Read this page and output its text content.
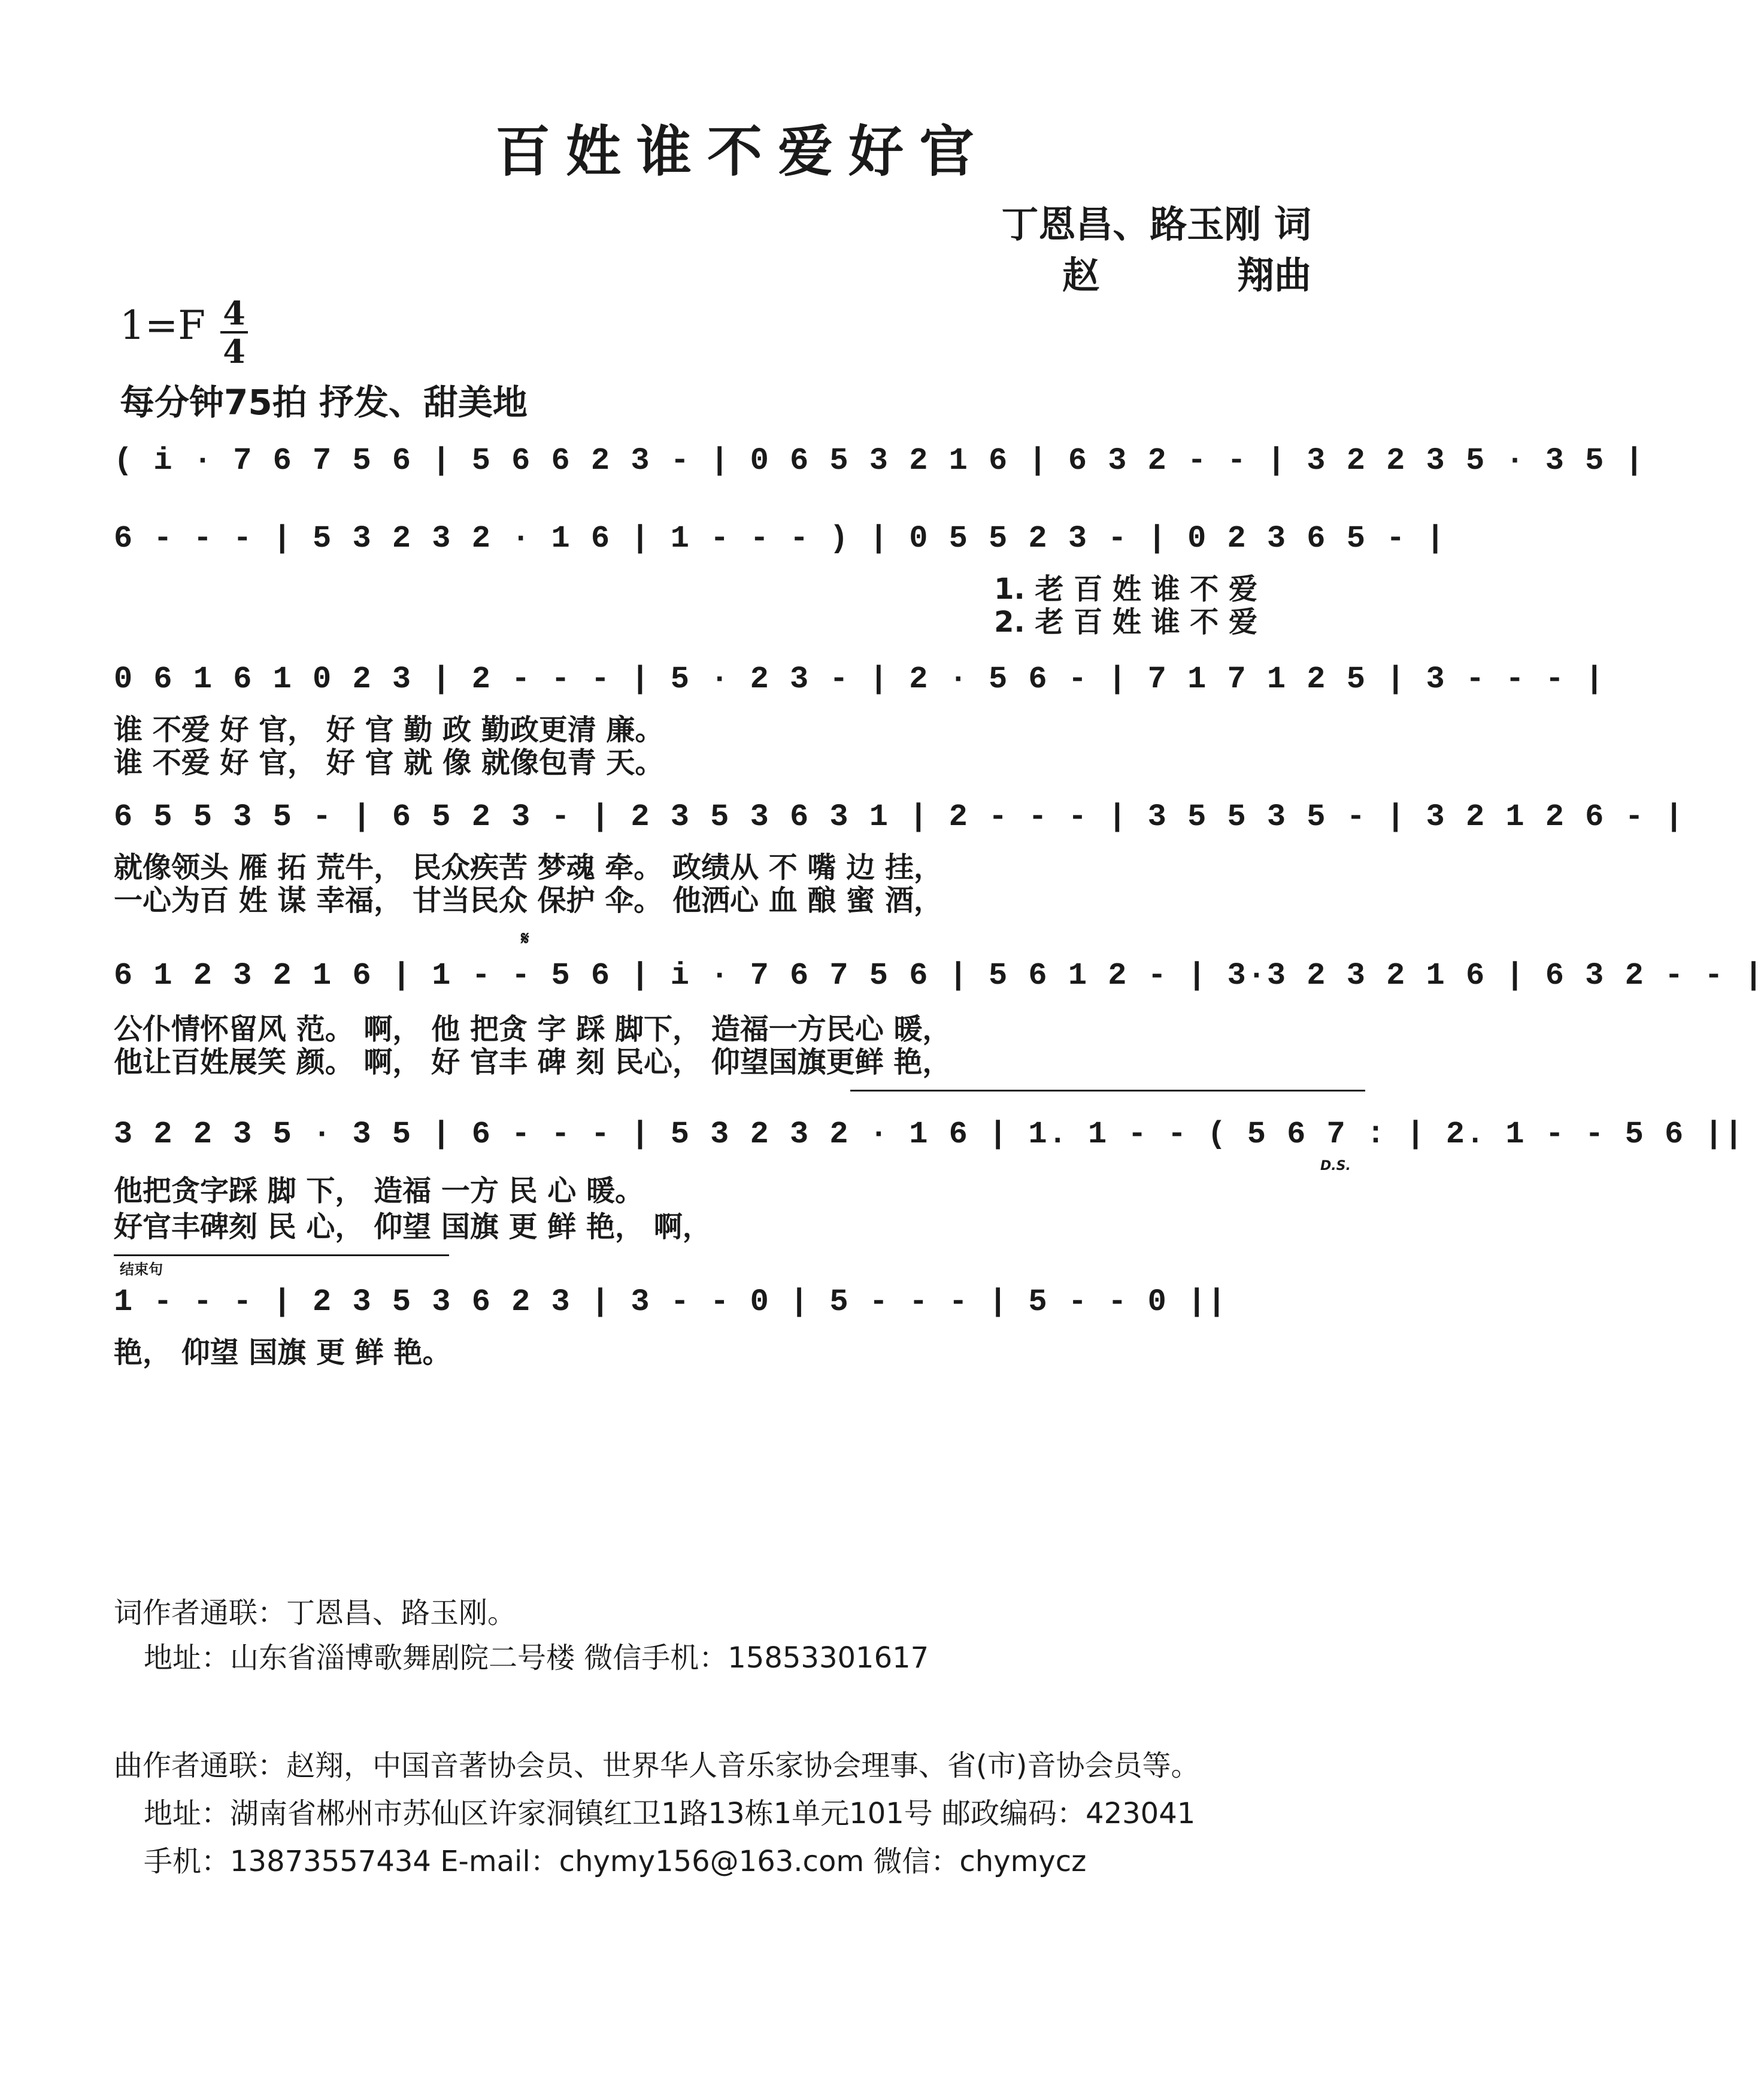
百姓谁不爱好官
丁恩昌、路玉刚 词
赵	翔曲
1=F 4
4
每分钟75拍 抒发、甜美地
( i · 7 6 7 5 6 | 5 6 6 2 3 - | 0 6 5 3 2 1 6 | 6 3 2 - - | 3 2 2 3 5 · 3 5 |
6 - - - | 5 3 2 3 2 · 1 6 | 1 - - - ) | 0 5 5 2 3 - | 0 2 3 6 5 - |
1. 老 百 姓 谁 不 爱
2. 老 百 姓 谁 不 爱
0 6 1 6 1 0 2 3 | 2 - - - | 5 · 2 3 - | 2 · 5 6 - | 7 1 7 1 2 5 | 3 - - - |
谁 不爱 好 官， 好 官 勤 政 勤政更清 廉。
谁 不爱 好 官， 好 官 就 像 就像包青 天。
6 5 5 3 5 - | 6 5 2 3 - | 2 3 5 3 6 3 1 | 2 - - - | 3 5 5 3 5 - | 3 2 1 2 6 - |
就像领头 雁 拓 荒牛， 民众疾苦 梦魂 牵。 政绩从 不 嘴 边 挂，
一心为百 姓 谋 幸福， 甘当民众 保护 伞。 他洒心 血 酿 蜜 酒，
𝄋
6 1 2 3 2 1 6 | 1 - - 5 6 | i · 7 6 7 5 6 | 5 6 1 2 - | 3·3 2 3 2 1 6 | 6 3 2 - - |
公仆情怀留风 范。 啊， 他 把贪 字 踩 脚下， 造福一方民心 暖，
他让百姓展笑 颜。 啊， 好 官丰 碑 刻 民心， 仰望国旗更鲜 艳，
3 2 2 3 5 · 3 5 | 6 - - - | 5 3 2 3 2 · 1 6 | 1. 1 - - ( 5 6 7 : | 2. 1 - - 5 6 ||
D.S.
他把贪字踩 脚 下， 造福 一方 民 心 暖。
好官丰碑刻 民 心， 仰望 国旗 更 鲜 艳， 啊，
结束句
1 - - - | 2 3 5 3 6 2 3 | 3 - - 0 | 5 - - - | 5 - - 0 ||
艳， 仰望 国旗 更 鲜 艳。
词作者通联：丁恩昌、路玉刚。
地址：山东省淄博歌舞剧院二号楼 微信手机：15853301617
曲作者通联：赵翔，中国音著协会员、世界华人音乐家协会理事、省(市)音协会员等。
地址：湖南省郴州市苏仙区许家洞镇红卫1路13栋1单元101号 邮政编码：423041
手机：13873557434 E-mail：chymy156@163.com 微信：chymycz
